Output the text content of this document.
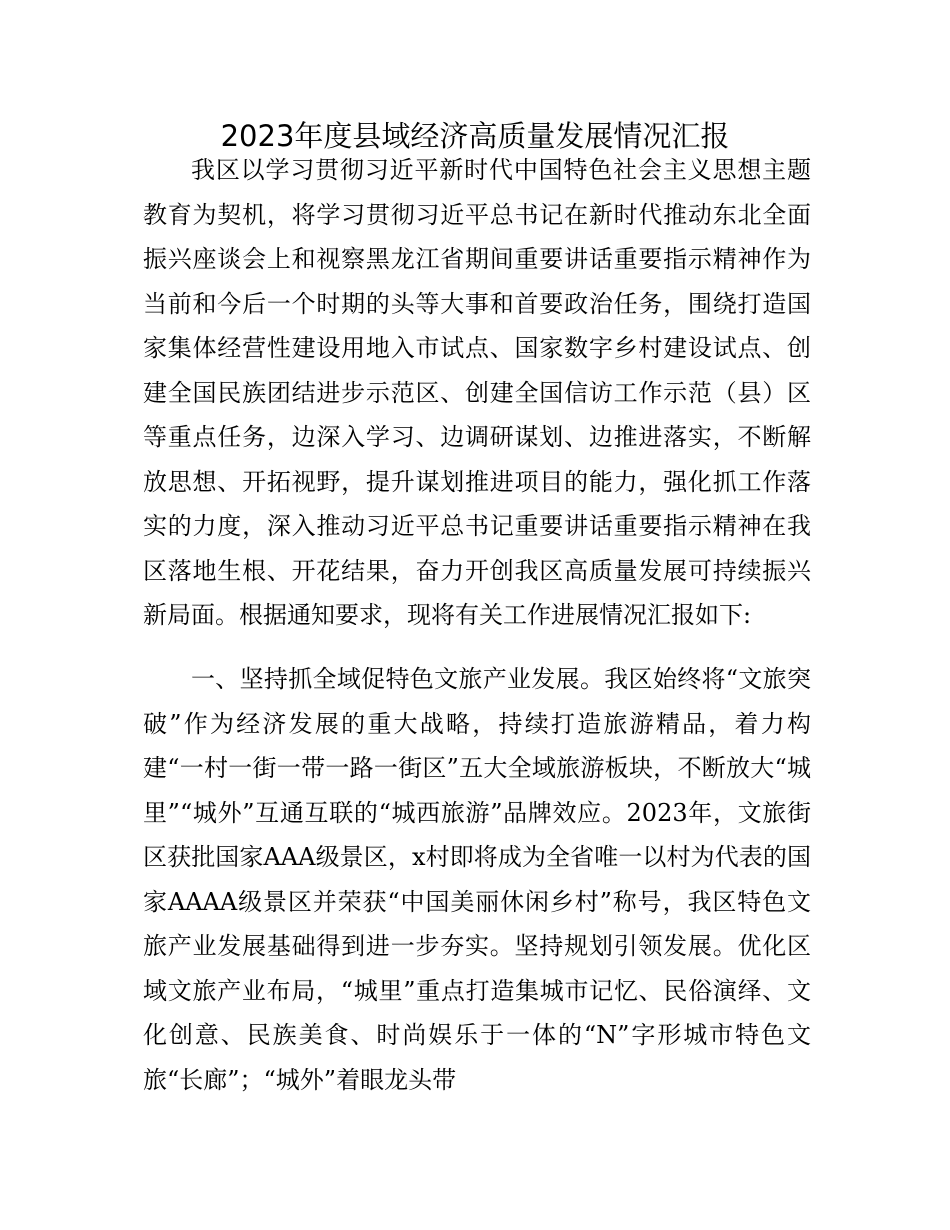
2023年度县域经济高质量发展情况汇报

我区以学习贯彻习近平新时代中国特色社会主义思想主题教育为契机，将学习贯彻习近平总书记在新时代推动东北全面振兴座谈会上和视察黑龙江省期间重要讲话重要指示精神作为当前和今后一个时期的头等大事和首要政治任务，围绕打造国家集体经营性建设用地入市试点、国家数字乡村建设试点、创建全国民族团结进步示范区、创建全国信访工作示范（县）区等重点任务，边深入学习、边调研谋划、边推进落实，不断解放思想、开拓视野，提升谋划推进项目的能力，强化抓工作落实的力度，深入推动习近平总书记重要讲话重要指示精神在我区落地生根、开花结果，奋力开创我区高质量发展可持续振兴新局面。根据通知要求，现将有关工作进展情况汇报如下:

一、坚持抓全域促特色文旅产业发展。我区始终将“文旅突破”作为经济发展的重大战略，持续打造旅游精品，着力构建“一村一街一带一路一街区”五大全域旅游板块，不断放大“城里”“城外”互通互联的“城西旅游”品牌效应。2023年，文旅街区获批国家AAA级景区，x村即将成为全省唯一以村为代表的国家AAAA级景区并荣获“中国美丽休闲乡村”称号，我区特色文旅产业发展基础得到进一步夯实。坚持规划引领发展。优化区域文旅产业布局，“城里”重点打造集城市记忆、民俗演绎、文化创意、民族美食、时尚娱乐于一体的“N”字形城市特色文旅“长廊”；“城外”着眼龙头带
